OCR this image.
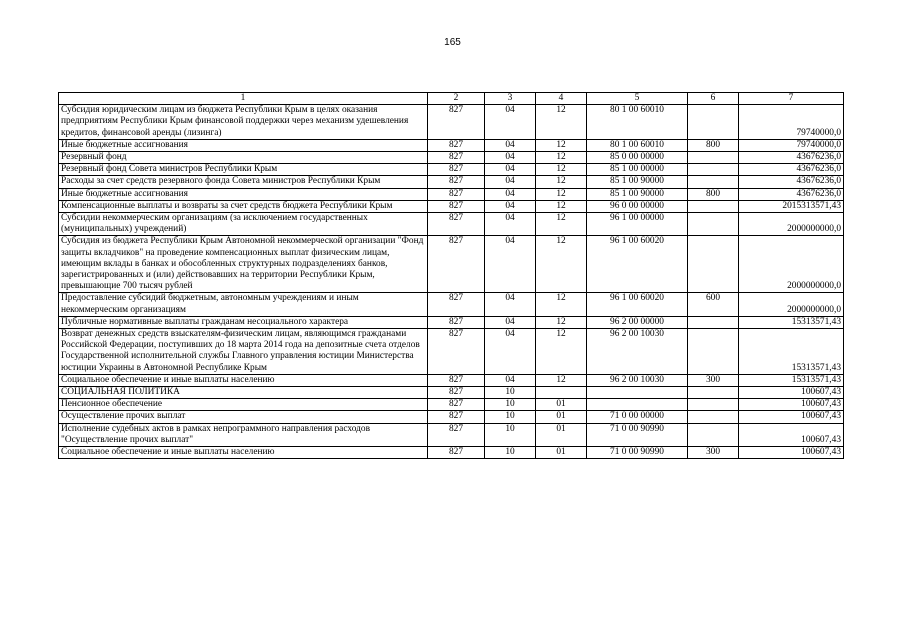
165
1	2	3	4	5	6	7
Субсидия юридическим лицам из бюджета Республики Крым в целях оказания предприятиям Республики Крым финансовой поддержки через механизм удешевления кредитов, финансовой аренды (лизинга)	827	04	12	80 1 00 60010		79740000,0
Иные бюджетные ассигнования	827	04	12	80 1 00 60010	800	79740000,0
Резервный фонд	827	04	12	85 0 00 00000		43676236,0
Резервный фонд Совета министров Республики Крым	827	04	12	85 1 00 00000		43676236,0
Расходы за счет средств резервного фонда Совета министров Республики Крым	827	04	12	85 1 00 90000		43676236,0
Иные бюджетные ассигнования	827	04	12	85 1 00 90000	800	43676236,0
Компенсационные выплаты и возвраты за счет средств бюджета Республики Крым	827	04	12	96 0 00 00000		2015313571,43
Субсидии некоммерческим организациям (за исключением государственных (муниципальных) учреждений)	827	04	12	96 1 00 00000		2000000000,0
Субсидия из бюджета Республики Крым Автономной некоммерческой организации "Фонд защиты вкладчиков" на проведение компенсационных выплат физическим лицам, имеющим вклады в банках и обособленных структурных подразделениях банков, зарегистрированных и (или) действовавших на территории Республики Крым, превышающие 700 тысяч рублей	827	04	12	96 1 00 60020		2000000000,0
Предоставление субсидий бюджетным, автономным учреждениям и иным некоммерческим организациям	827	04	12	96 1 00 60020	600	2000000000,0
Публичные нормативные выплаты гражданам несоциального характера	827	04	12	96 2 00 00000		15313571,43
Возврат денежных средств взыскателям-физическим лицам, являющимся гражданами Российской Федерации, поступивших до 18 марта 2014 года на депозитные счета отделов Государственной исполнительной службы Главного управления юстиции Министерства юстиции Украины в Автономной Республике Крым	827	04	12	96 2 00 10030		15313571,43
Социальное обеспечение и иные выплаты населению	827	04	12	96 2 00 10030	300	15313571,43
СОЦИАЛЬНАЯ ПОЛИТИКА	827	10				100607,43
Пенсионное обеспечение	827	10	01			100607,43
Осуществление прочих выплат	827	10	01	71 0 00 00000		100607,43
Исполнение судебных актов в рамках непрограммного направления расходов "Осуществление прочих выплат"	827	10	01	71 0 00 90990		100607,43
Социальное обеспечение и иные выплаты населению	827	10	01	71 0 00 90990	300	100607,43
